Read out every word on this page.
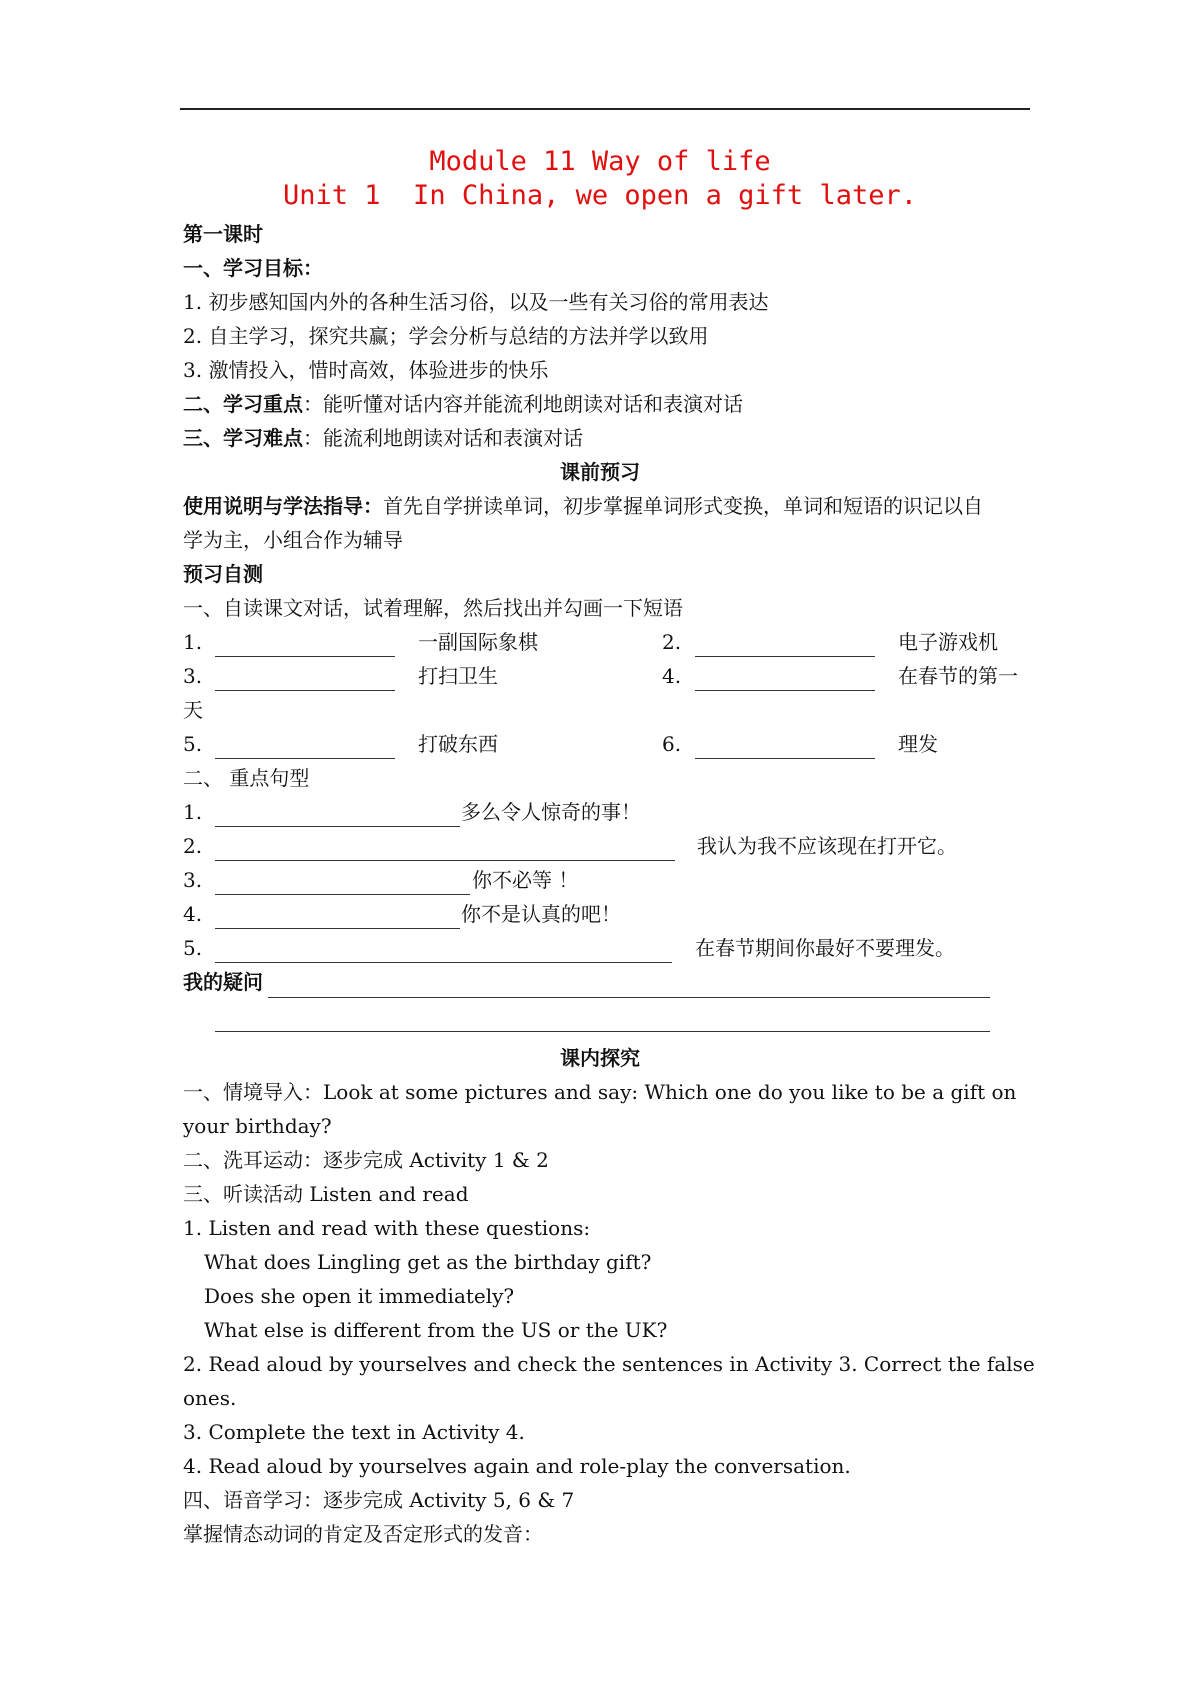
Module 11 Way of life
Unit 1  In China, we open a gift later.
第一课时
一、学习目标：
1. 初步感知国内外的各种生活习俗，以及一些有关习俗的常用表达
2. 自主学习，探究共赢；学会分析与总结的方法并学以致用
3. 激情投入，惜时高效，体验进步的快乐
二、学习重点：能听懂对话内容并能流利地朗读对话和表演对话
三、学习难点：能流利地朗读对话和表演对话
课前预习
使用说明与学法指导：首先自学拼读单词，初步掌握单词形式变换，单词和短语的识记以自
学为主，小组合作为辅导
预习自测
一、自读课文对话，试着理解，然后找出并勾画一下短语
1.	一副国际象棋	2.	电子游戏机
3.	打扫卫生	4.	在春节的第一
天
5.	打破东西	6.	理发
二、 重点句型
1.	多么令人惊奇的事！
2.	我认为我不应该现在打开它。
3.	你不必等 ！
4.	你不是认真的吧！
5.	在春节期间你最好不要理发。
我的疑问
课内探究
一、情境导入：Look at some pictures and say: Which one do you like to be a gift on
your birthday?
二、洗耳运动：逐步完成 Activity 1 & 2
三、听读活动 Listen and read
1. Listen and read with these questions:
What does Lingling get as the birthday gift?
Does she open it immediately?
What else is different from the US or the UK?
2. Read aloud by yourselves and check the sentences in Activity 3. Correct the false
ones.
3. Complete the text in Activity 4.
4. Read aloud by yourselves again and role-play the conversation.
四、语音学习：逐步完成 Activity 5, 6 & 7
掌握情态动词的肯定及否定形式的发音：
